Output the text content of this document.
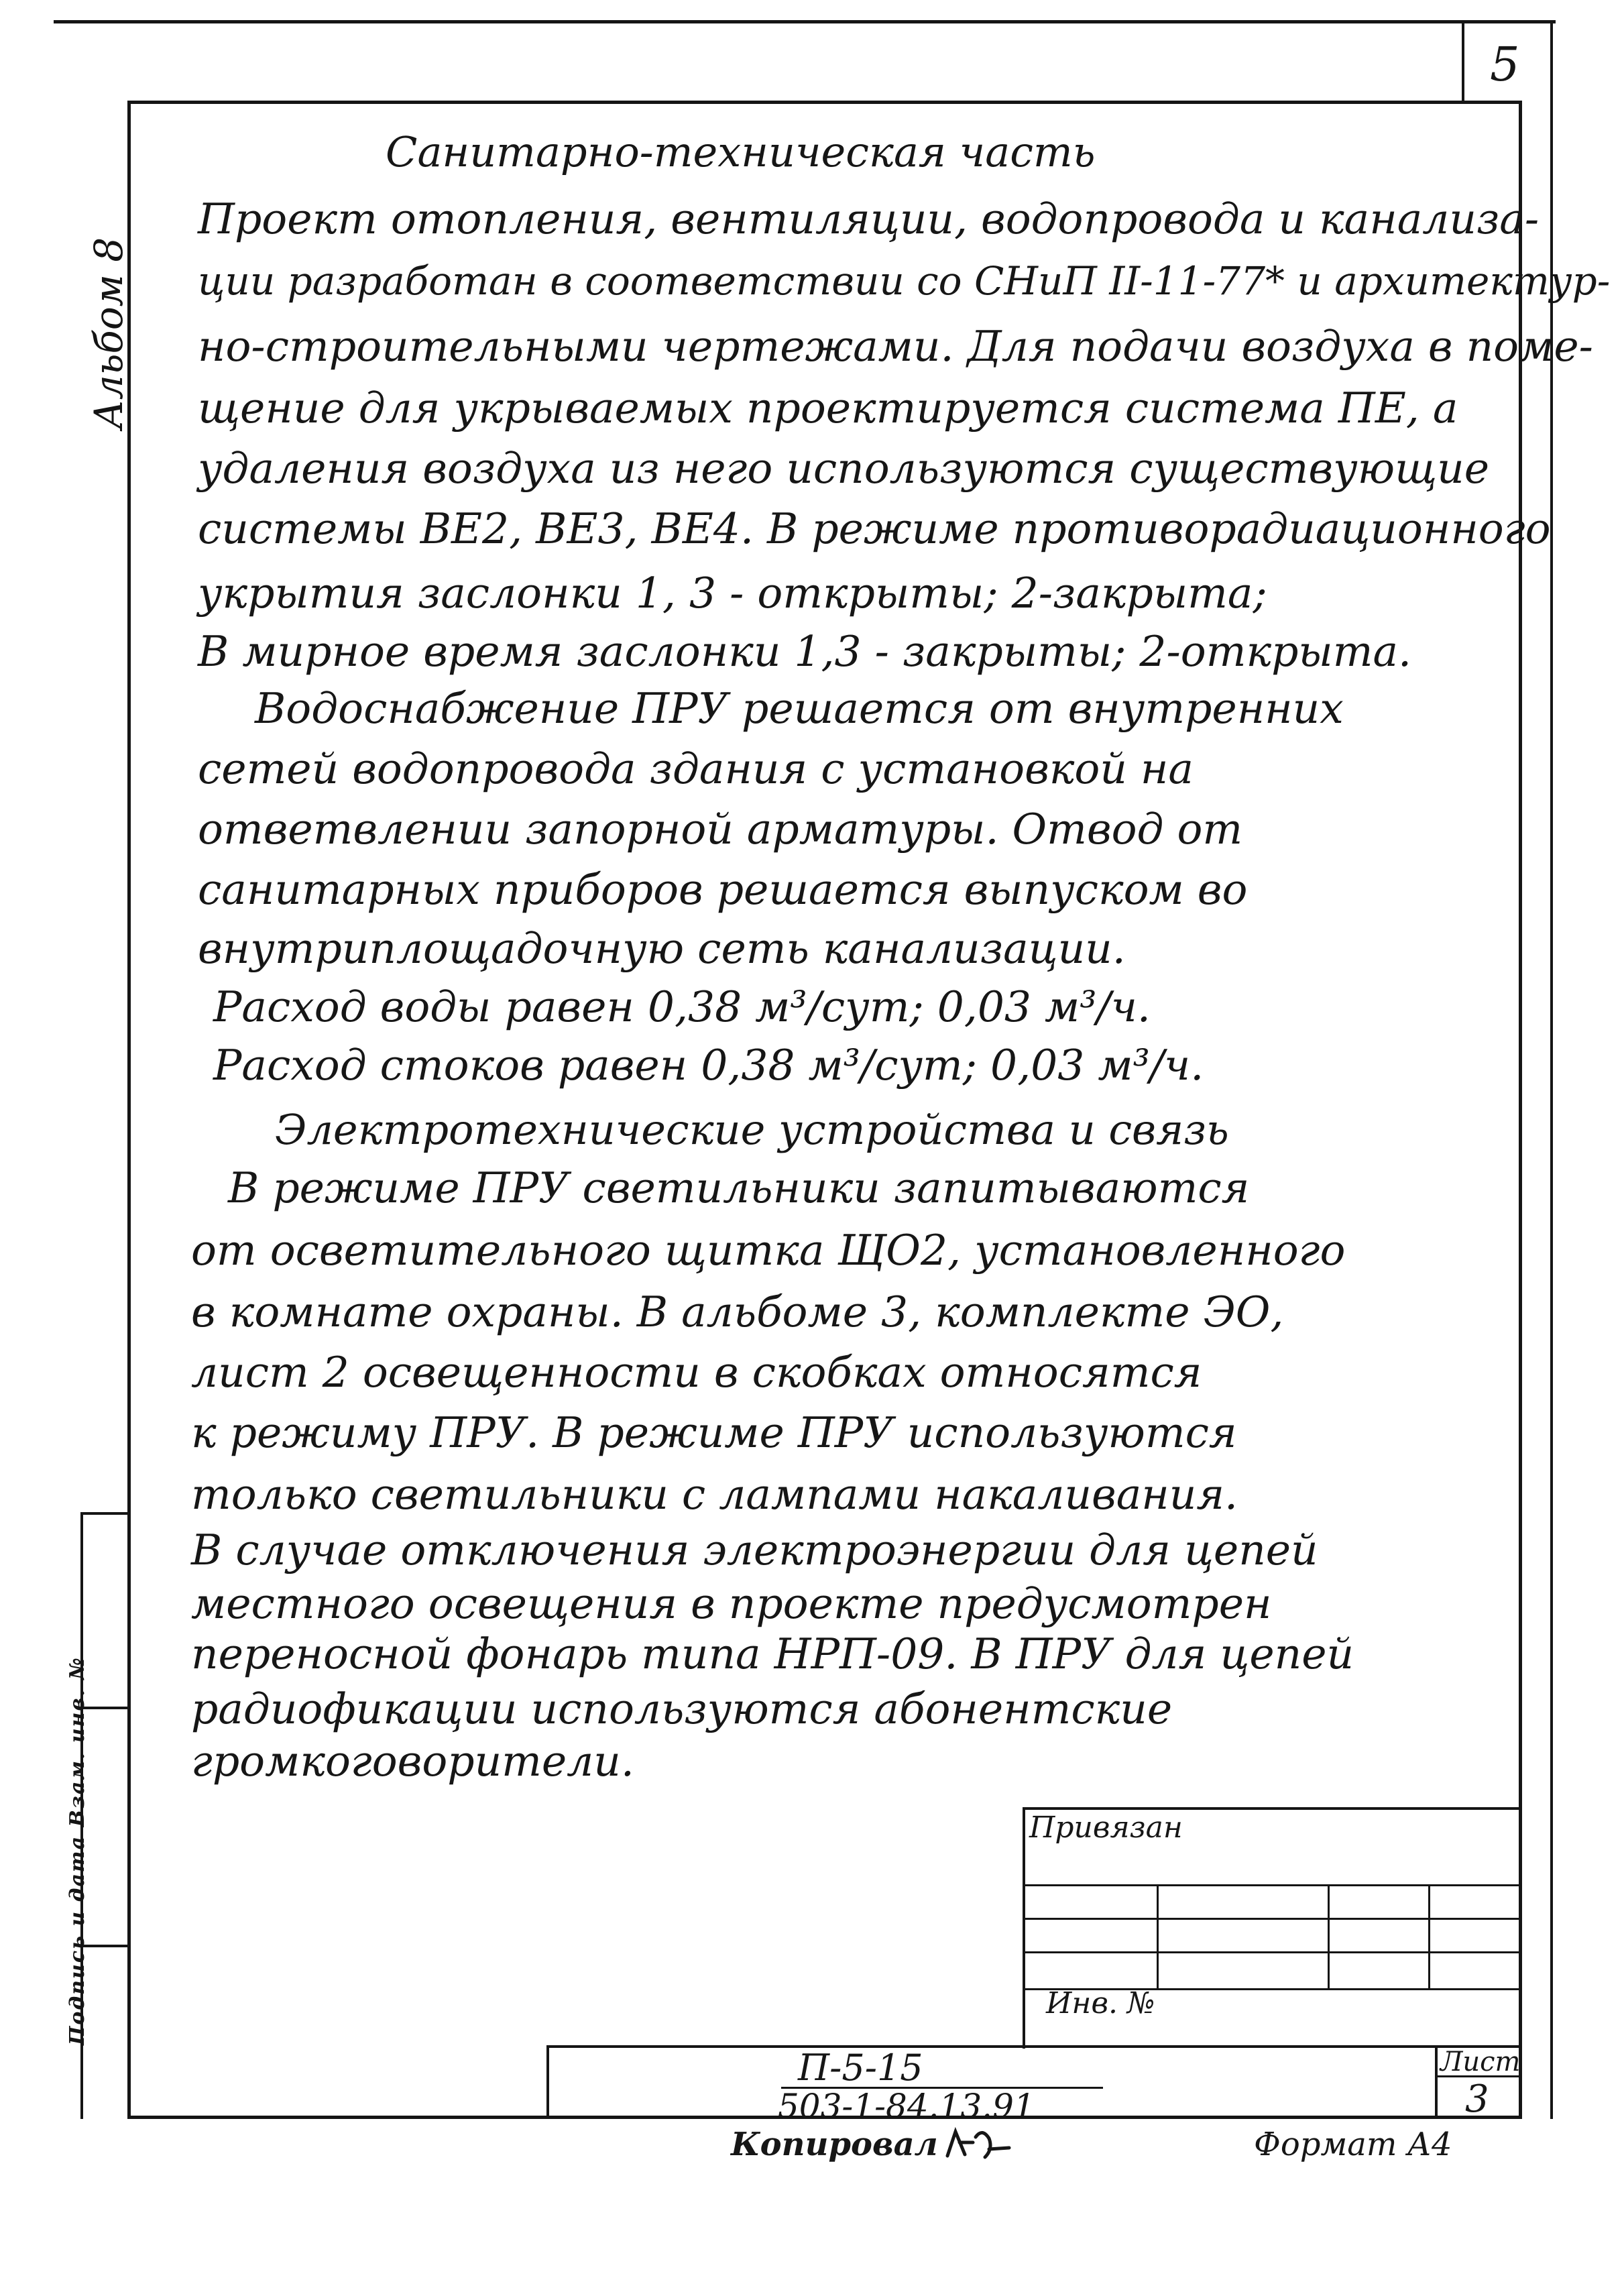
5
Альбом 8
Подпись и дата Взам. инв. №
Санитарно-техническая часть
Проект отопления, вентиляции, водопровода и канализа-
ции разработан в соответствии со СНиП II-11-77* и архитектур-
но-строительными чертежами. Для подачи воздуха в поме-
щение для укрываемых проектируется система ПЕ, а
удаления воздуха из него используются существующие
системы ВЕ2, ВЕ3, ВЕ4. В режиме противорадиационного
укрытия заслонки 1, 3 - открыты; 2-закрыта;
В мирное время заслонки 1,3 - закрыты; 2-открыта.
Водоснабжение ПРУ решается от внутренних
сетей водопровода здания с установкой на
ответвлении запорной арматуры. Отвод от
санитарных приборов решается выпуском во
внутриплощадочную сеть канализации.
Расход воды равен 0,38 м³/сут; 0,03 м³/ч.
Расход стоков равен 0,38 м³/сут; 0,03 м³/ч.
Электротехнические устройства и связь
В режиме ПРУ светильники запитываются
от осветительного щитка ЩО2, установленного
в комнате охраны. В альбоме 3, комплекте ЭО,
лист 2 освещенности в скобках относятся
к режиму ПРУ. В режиме ПРУ используются
только светильники с лампами накаливания.
В случае отключения электроэнергии для цепей
местного освещения в проекте предусмотрен
переносной фонарь типа НРП-09. В ПРУ для цепей
радиофикации используются абонентские
громкоговорители.
Привязан
Инв. №
П-5-15
503-1-84.13.91
Лист
3
Копировал	Формат А4
